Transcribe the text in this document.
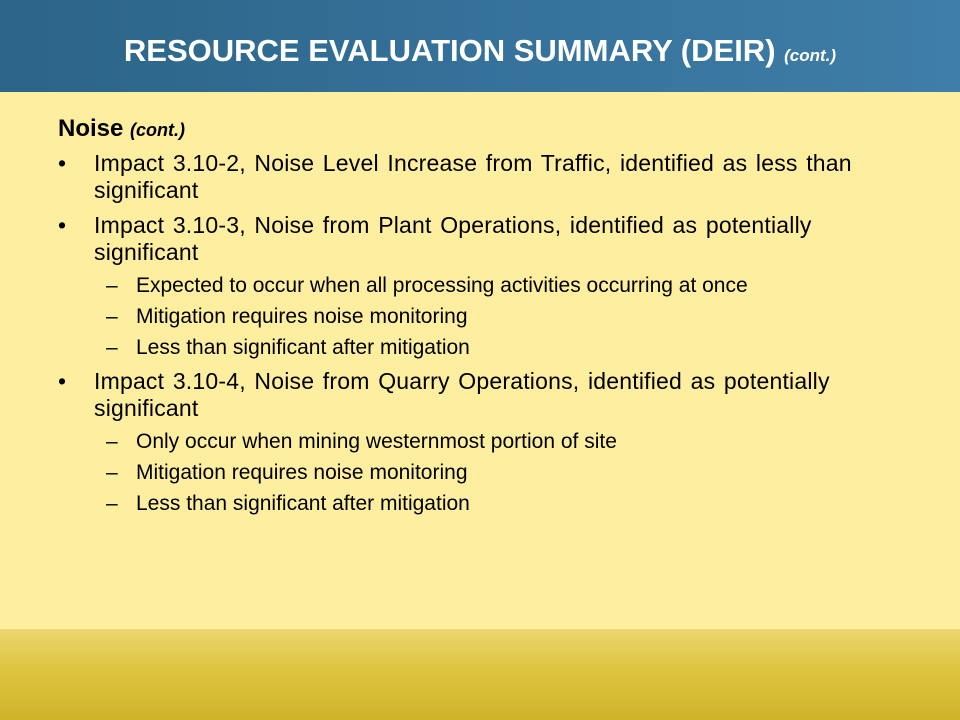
RESOURCE EVALUATION SUMMARY (DEIR) (cont.)
Noise (cont.)
• Impact 3.10-2, Noise Level Increase from Traffic, identified as less than significant
• Impact 3.10-3, Noise from Plant Operations, identified as potentially significant
– Expected to occur when all processing activities occurring at once
– Mitigation requires noise monitoring
– Less than significant after mitigation
• Impact 3.10-4, Noise from Quarry Operations, identified as potentially significant
– Only occur when mining westernmost portion of site
– Mitigation requires noise monitoring
– Less than significant after mitigation
